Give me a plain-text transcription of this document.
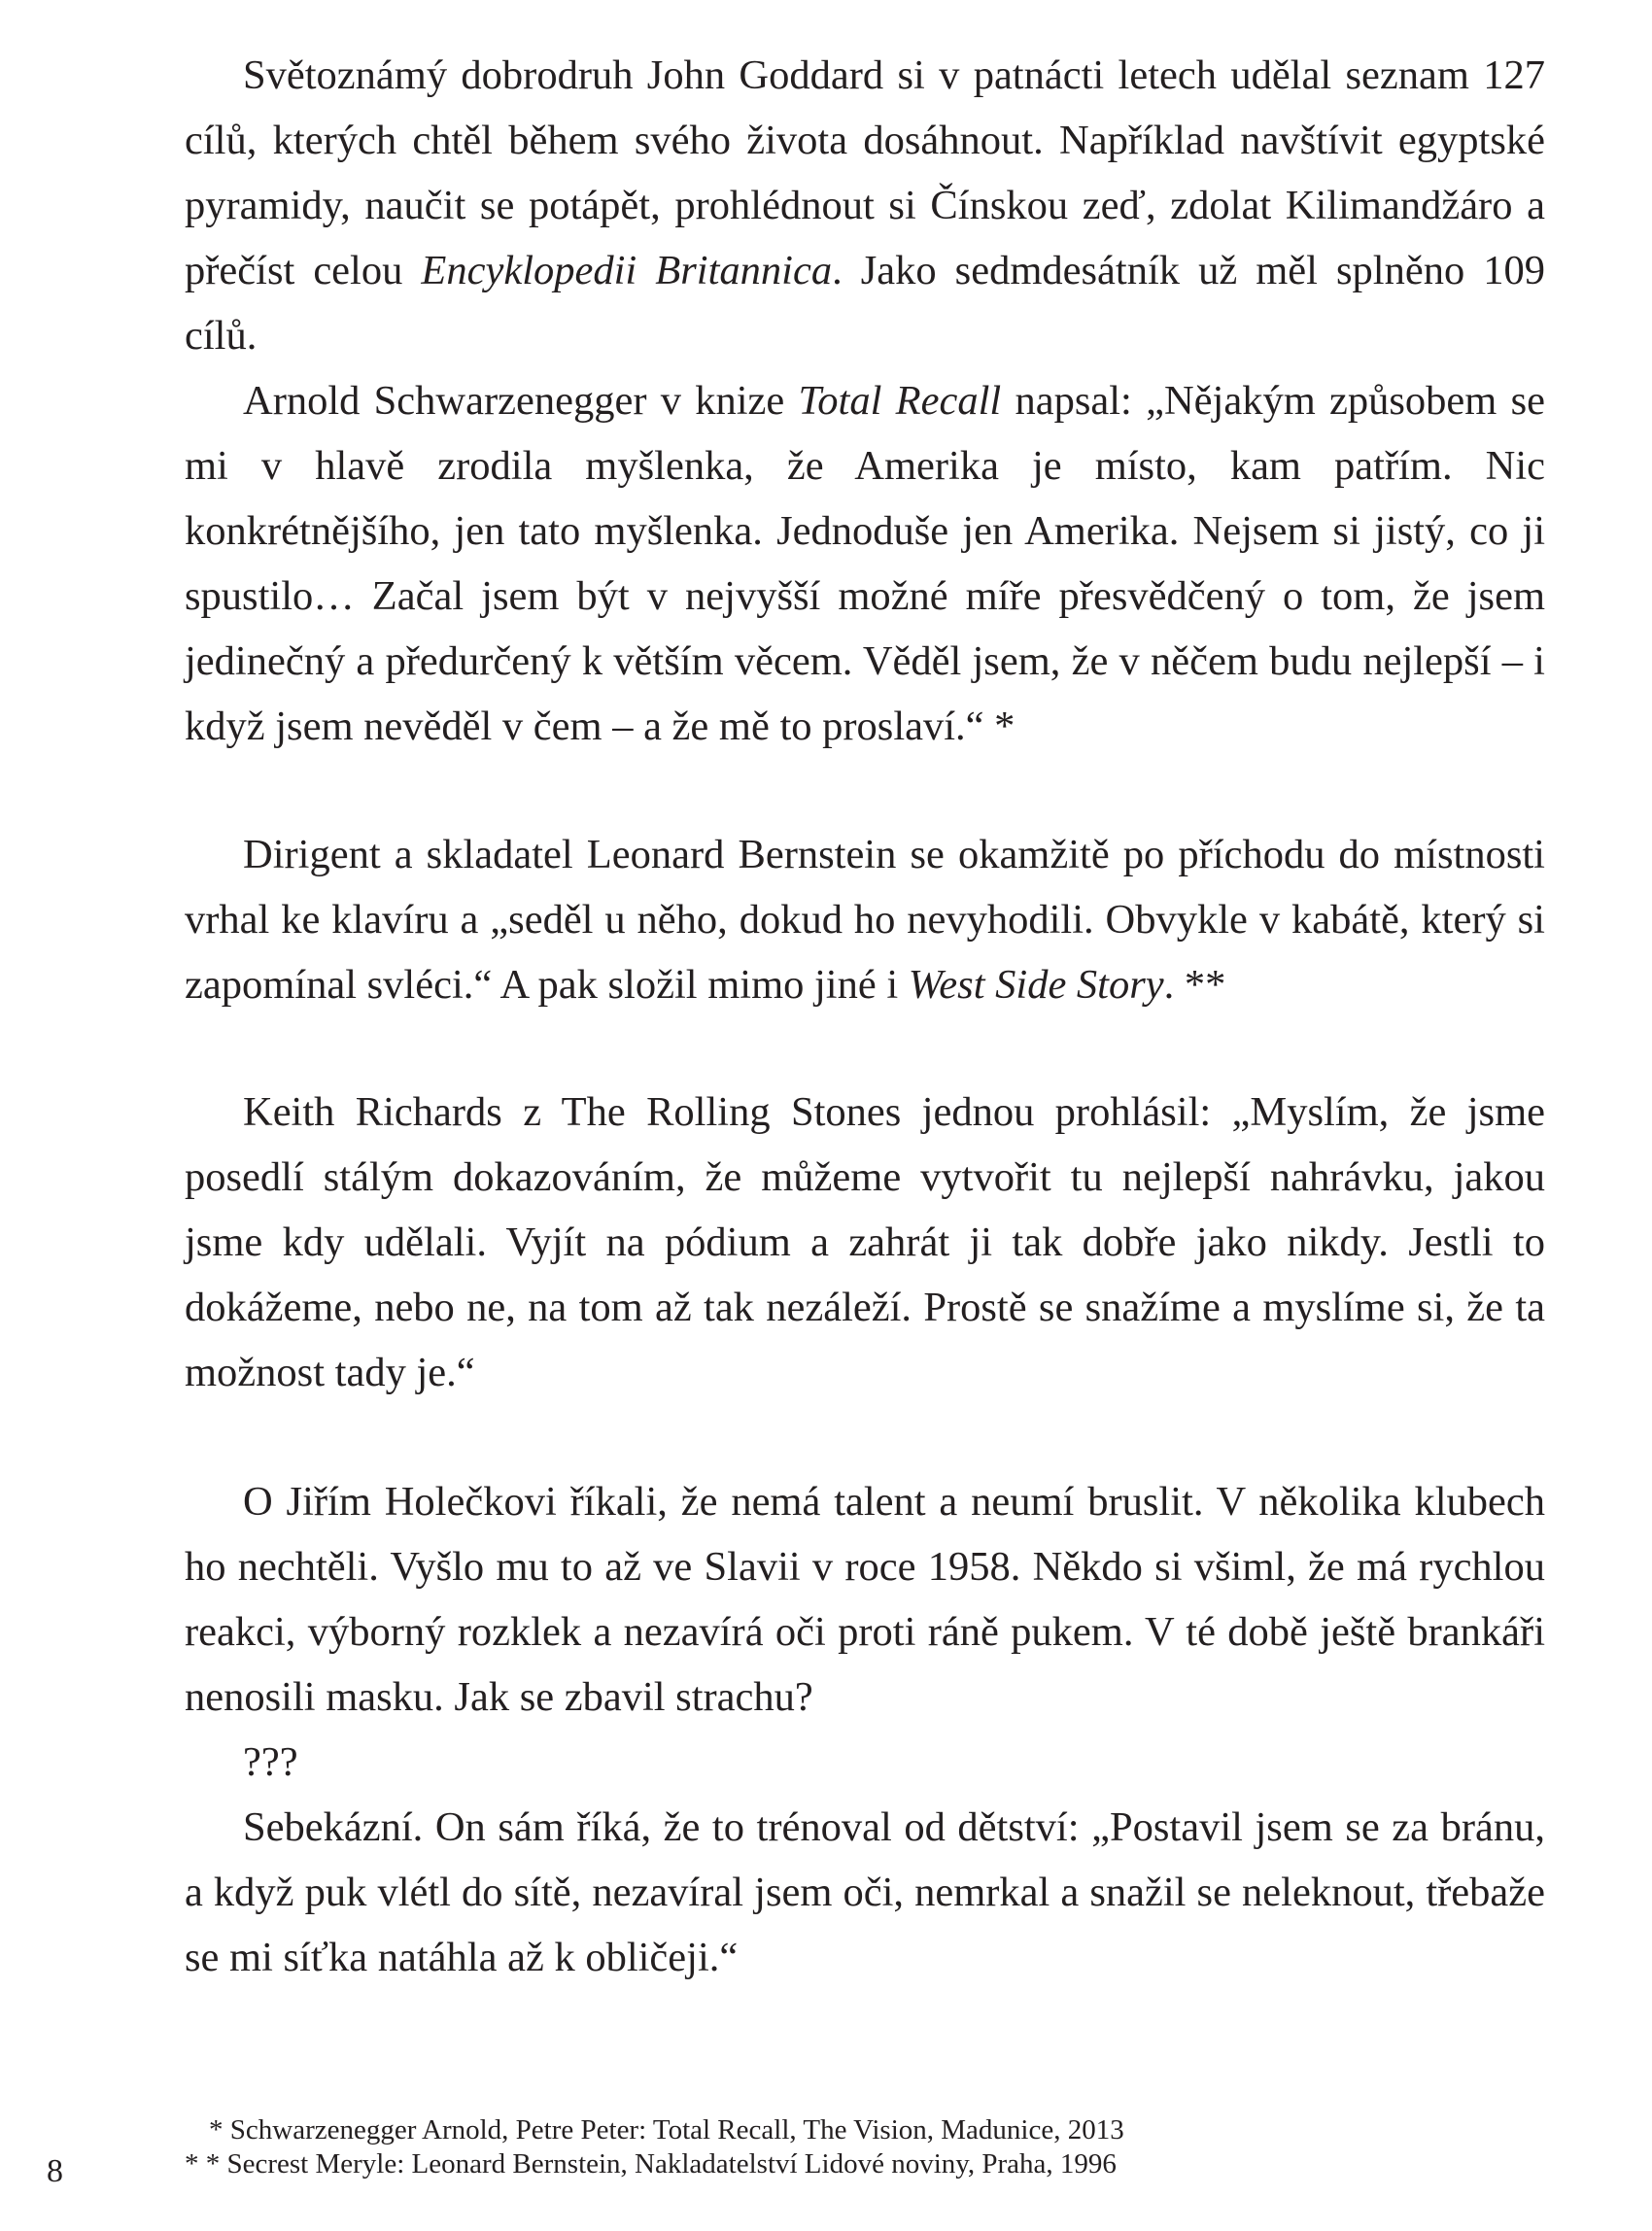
Světoznámý dobrodruh John Goddard si v patnácti letech udělal seznam 127 cílů, kterých chtěl během svého života dosáhnout. Například navštívit egyptské pyramidy, naučit se potápět, prohlédnout si Čínskou zeď, zdolat Kilimandžáro a přečíst celou Encyklopedii Britannica. Jako sedmdesátník už měl splněno 109 cílů.

Arnold Schwarzenegger v knize Total Recall napsal: „Nějakým způsobem se mi v hlavě zrodila myšlenka, že Amerika je místo, kam patřím. Nic konkrétnějšího, jen tato myšlenka. Jednoduše jen Amerika. Nejsem si jistý, co ji spustilo… Začal jsem být v nejvyšší možné míře přesvědčený o tom, že jsem jedinečný a předurčený k větším věcem. Věděl jsem, že v něčem budu nejlepší – i když jsem nevěděl v čem – a že mě to proslaví.“ *

Dirigent a skladatel Leonard Bernstein se okamžitě po příchodu do místnosti vrhal ke klavíru a „seděl u něho, dokud ho nevyhodili. Obvykle v kabátě, který si zapomínal svléci.“ A pak složil mimo jiné i West Side Story. **

Keith Richards z The Rolling Stones jednou prohlásil: „Myslím, že jsme posedlí stálým dokazováním, že můžeme vytvořit tu nejlepší nahrávku, jakou jsme kdy udělali. Vyjít na pódium a zahrát ji tak dobře jako nikdy. Jestli to dokážeme, nebo ne, na tom až tak nezáleží. Prostě se snažíme a myslíme si, že ta možnost tady je.“

O Jiřím Holečkovi říkali, že nemá talent a neumí bruslit. V několika klubech ho nechtěli. Vyšlo mu to až ve Slavii v roce 1958. Někdo si všiml, že má rychlou reakci, výborný rozklek a nezavírá oči proti ráně pukem. V té době ještě brankáři nenosili masku. Jak se zbavil strachu?

???

Sebekázní. On sám říká, že to trénoval od dětství: „Postavil jsem se za bránu, a když puk vlétl do sítě, nezavíral jsem oči, nemrkal a snažil se neleknout, třebaže se mi síťka natáhla až k obličeji.“

* Schwarzenegger Arnold, Petre Peter: Total Recall, The Vision, Madunice, 2013
* * Secrest Meryle: Leonard Bernstein, Nakladatelství Lidové noviny, Praha, 1996
8
